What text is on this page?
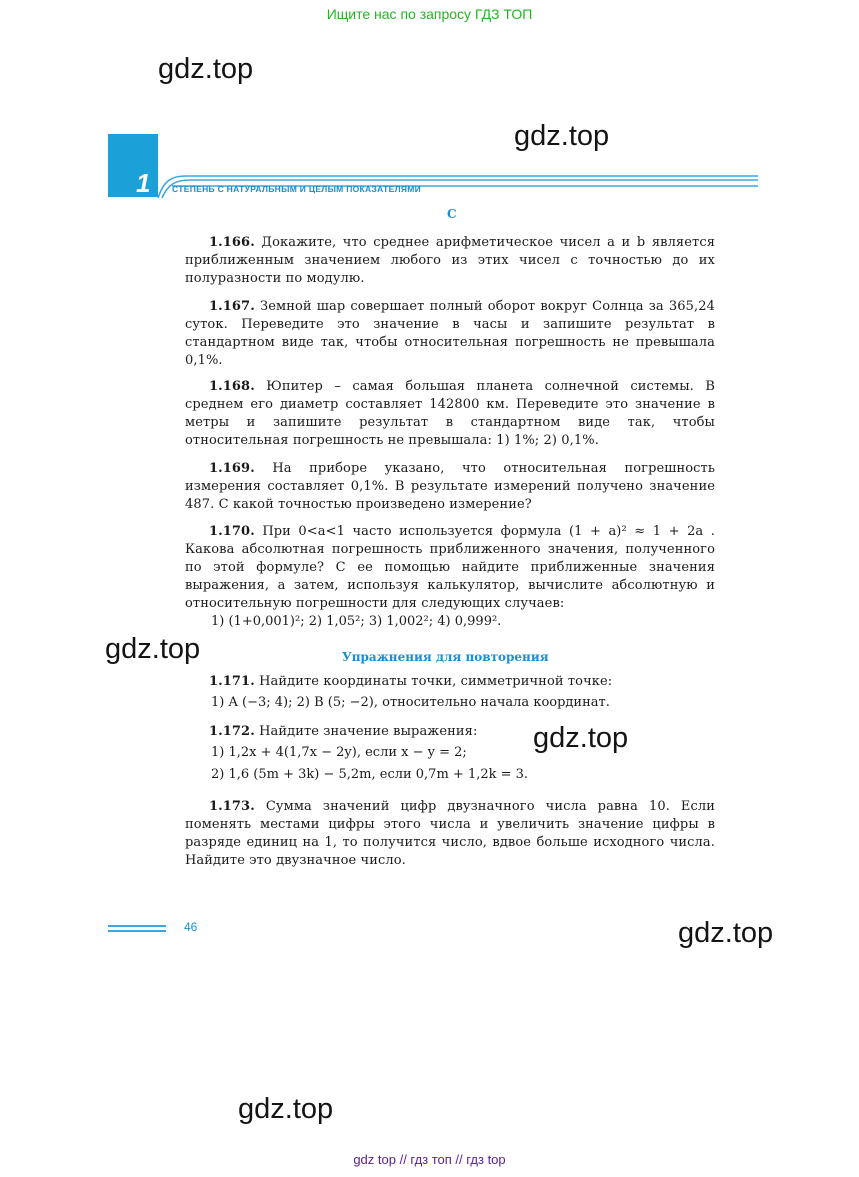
Ищите нас по запросу ГДЗ ТОП
gdz.top
gdz.top
1	СТЕПЕНЬ С НАТУРАЛЬНЫМ И ЦЕЛЫМ ПОКАЗАТЕЛЯМИ
C
1.166. Докажите, что среднее арифметическое чисел a и b является приближенным значением любого из этих чисел с точностью до их полуразности по модулю.
1.167. Земной шар совершает полный оборот вокруг Солнца за 365,24 суток. Переведите это значение в часы и запишите результат в стандартном виде так, чтобы относительная погрешность не превышала 0,1%.
1.168. Юпитер – самая большая планета солнечной системы. В среднем его диаметр составляет 142800 км. Переведите это значение в метры и запишите результат в стандартном виде так, чтобы относительная погрешность не превышала: 1) 1%; 2) 0,1%.
1.169. На приборе указано, что относительная погрешность измерения составляет 0,1%. В результате измерений получено значение 487. С какой точностью произведено измерение?
1.170. При 0<a<1 часто используется формула (1 + a)² ≈ 1 + 2a . Какова абсолютная погрешность приближенного значения, полученного по этой формуле? С ее помощью найдите приближенные значения выражения, а затем, используя калькулятор, вычислите абсолютную и относительную погрешности для следующих случаев:
1) (1+0,001)²; 2) 1,05²; 3) 1,002²; 4) 0,999².
gdz.top	Упражнения для повторения
1.171. Найдите координаты точки, симметричной точке:
1) A (−3; 4); 2) B (5; −2), относительно начала координат.
1.172. Найдите значение выражения:
1) 1,2x + 4(1,7x − 2y), если x − y = 2;
2) 1,6 (5m + 3k) − 5,2m, если 0,7m + 1,2k = 3.
gdz.top
1.173. Сумма значений цифр двузначного числа равна 10. Если поменять местами цифры этого числа и увеличить значение цифры в разряде единиц на 1, то получится число, вдвое больше исходного числа. Найдите это двузначное число.
46	gdz.top
gdz.top
gdz top // гдз топ // гдз top
